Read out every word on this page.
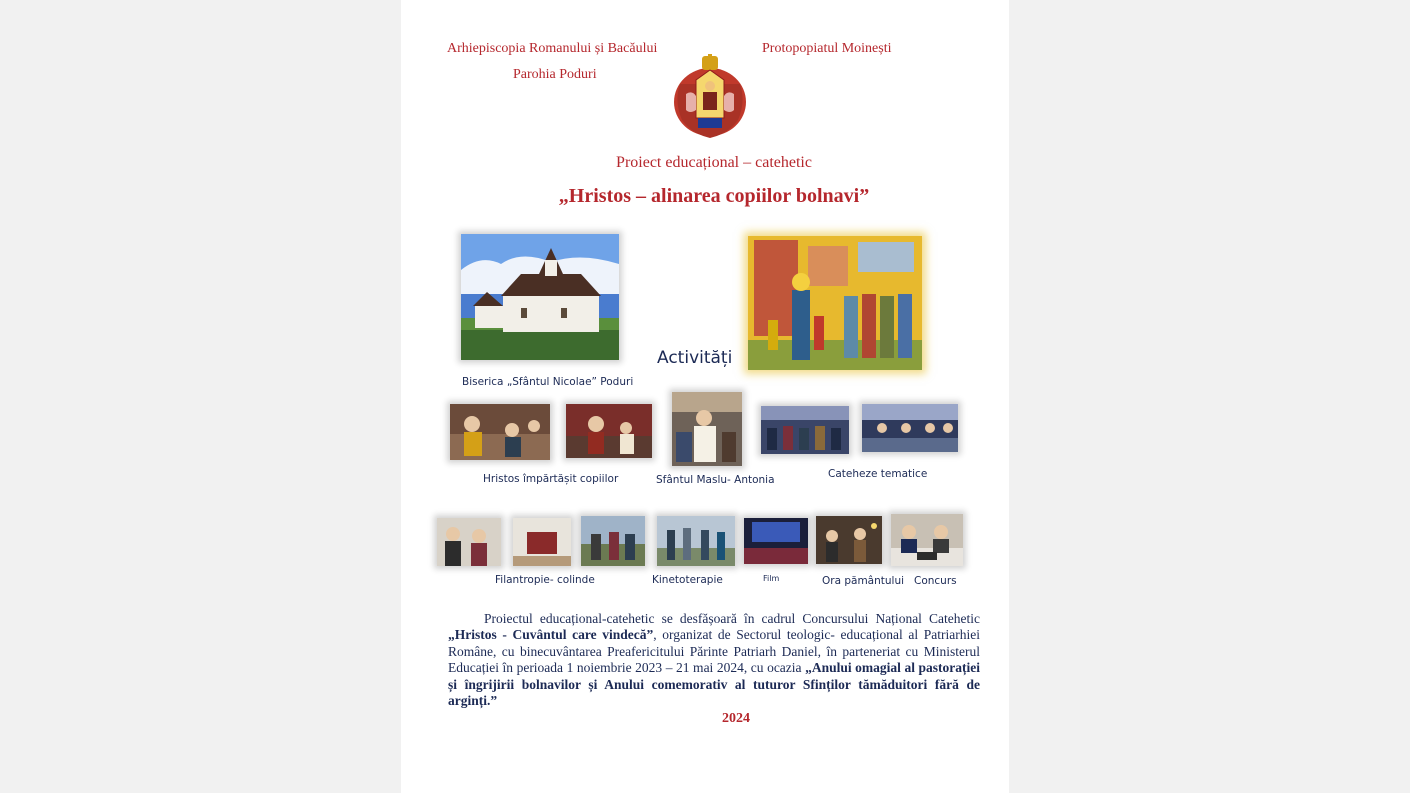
Arhiepiscopia Romanului și Bacăului
Parohia Poduri
Protopopiatul Moinești
Proiect educațional – catehetic
„Hristos – alinarea copiilor bolnavi”
Biserica „Sfântul Nicolae” Poduri
Activități
Hristos împărtășit copiilor	Sfântul Maslu- Antonia	Cateheze tematice
Filantropie- colinde	Kinetoterapie	Film	Ora pământului Concurs
Proiectul educațional-catehetic se desfășoară în cadrul Concursului Național Catehetic „Hristos - Cuvântul care vindecă”, organizat de Sectorul teologic- educațional al Patriarhiei Române, cu binecuvântarea Preafericitului Părinte Patriarh Daniel, în parteneriat cu Ministerul Educației în perioada 1 noiembrie 2023 – 21 mai 2024, cu ocazia „Anului omagial al pastorației și îngrijirii bolnavilor și Anului comemorativ al tuturor Sfinților tămăduitori fără de arginți.”
2024
